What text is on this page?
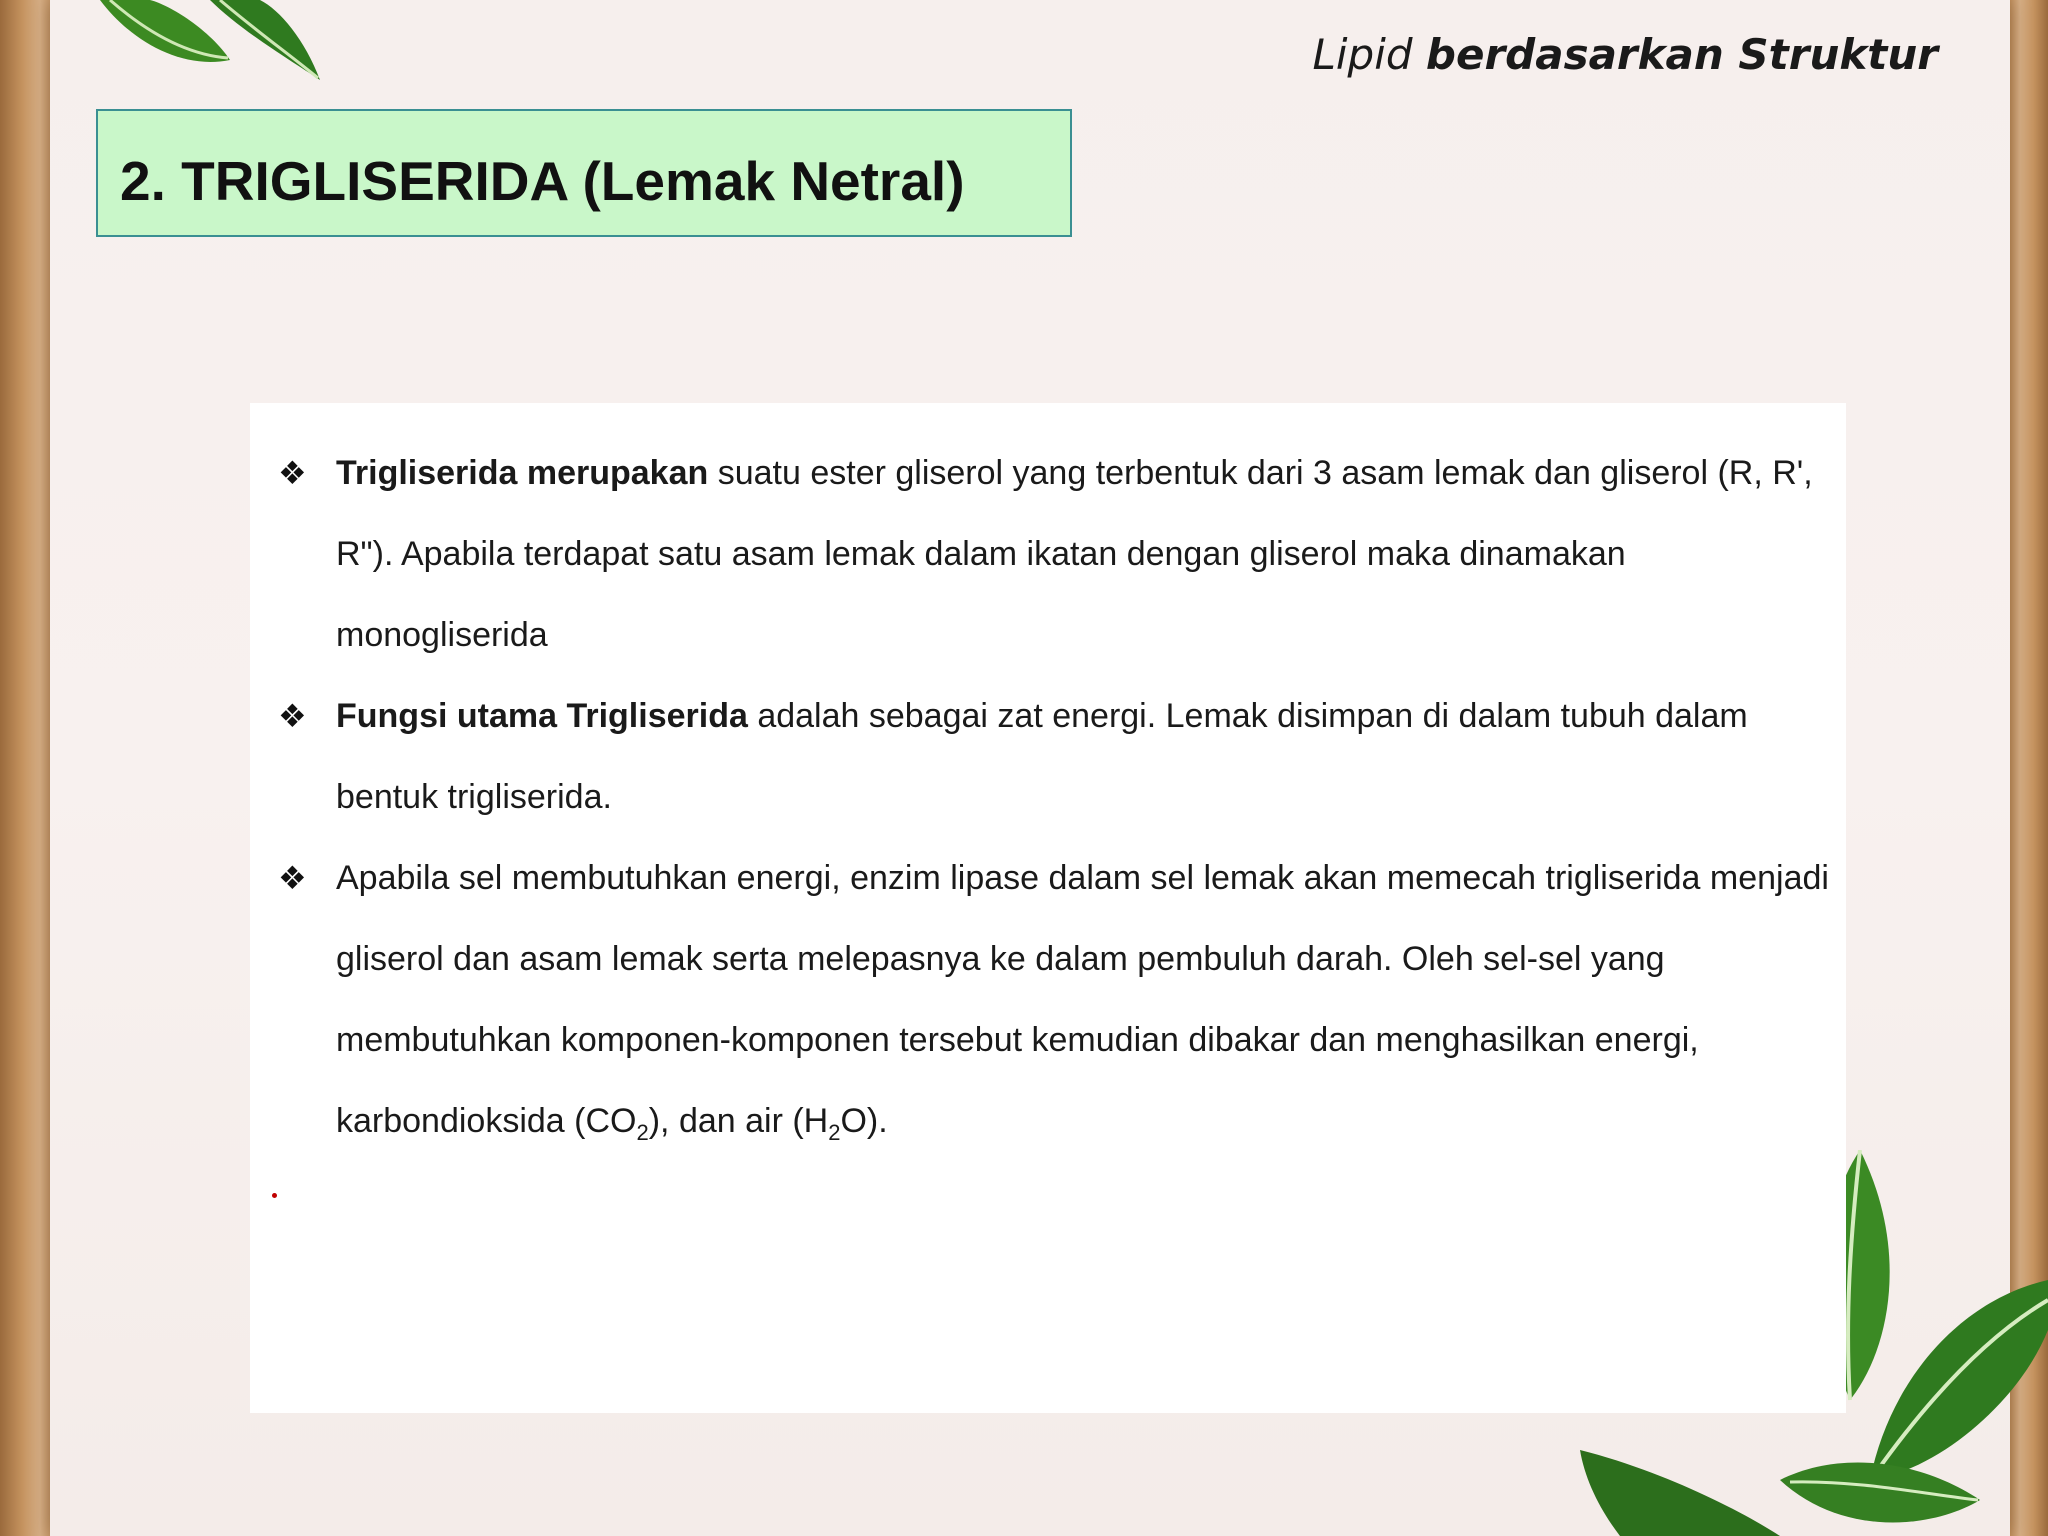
Lipid berdasarkan Struktur
2. TRIGLISERIDA (Lemak Netral)
❖ Trigliserida merupakan suatu ester gliserol yang terbentuk dari 3 asam lemak dan gliserol (R, R', R"). Apabila terdapat satu asam lemak dalam ikatan dengan gliserol maka dinamakan monogliserida
❖ Fungsi utama Trigliserida adalah sebagai zat energi. Lemak disimpan di dalam tubuh dalam bentuk trigliserida.
❖ Apabila sel membutuhkan energi, enzim lipase dalam sel lemak akan memecah trigliserida menjadi gliserol dan asam lemak serta melepasnya ke dalam pembuluh darah. Oleh sel-sel yang membutuhkan komponen-komponen tersebut kemudian dibakar dan menghasilkan energi, karbondioksida $(CO_2)$, dan air $(H_2O)$.
